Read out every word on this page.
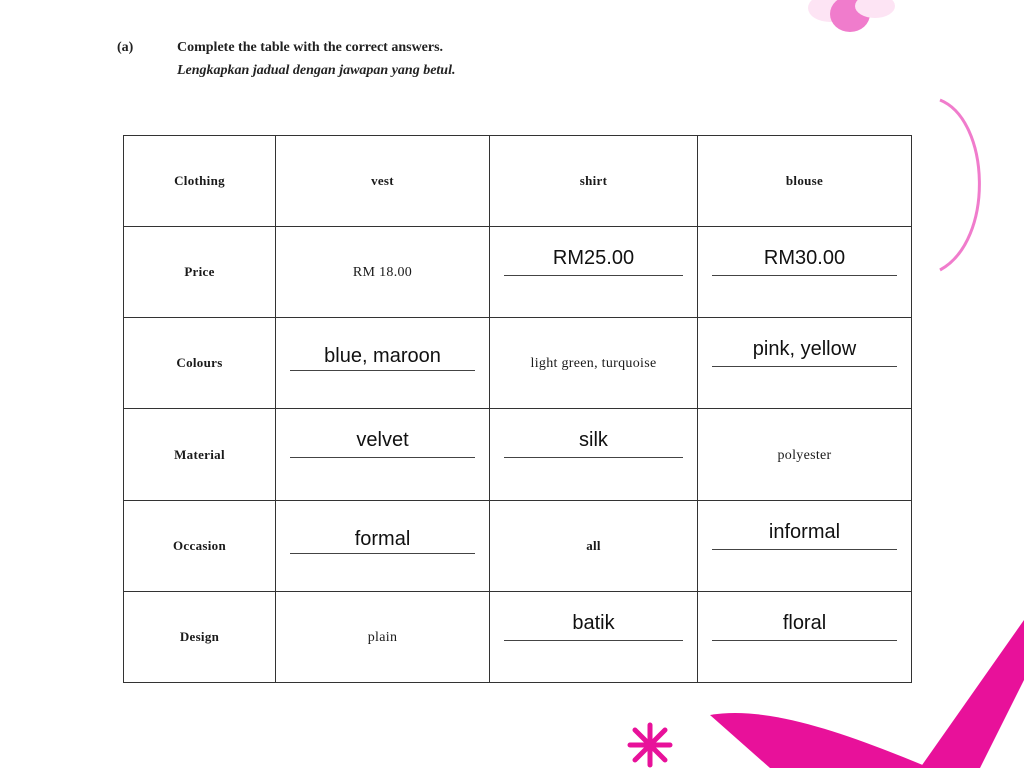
(a)	Complete the table with the correct answers.
Lengkapkan jadual dengan jawapan yang betul.
Clothing	vest	shirt	blouse
Price	RM 18.00	RM25.00	RM30.00

Colours	blue, maroon	light green, turquoise	pink, yellow

Material	velvet	silk	polyester
Occasion	formal	all	informal

Design	plain	batik	floral
